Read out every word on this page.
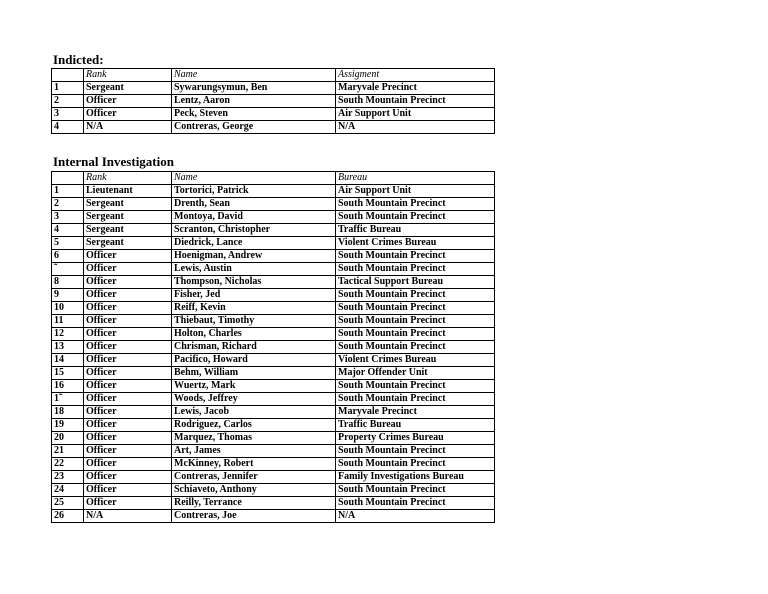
Indicted:
	Rank	Name	Assigment
1	Sergeant	Sywarungsymun, Ben	Maryvale Precinct
2	Officer	Lentz, Aaron	South Mountain Precinct
3	Officer	Peck, Steven	Air Support Unit
4	N/A	Contreras, George	N/A
Internal Investigation
	Rank	Name	Bureau
1	Lieutenant	Tortorici, Patrick	Air Support Unit
2	Sergeant	Drenth, Sean	South Mountain Precinct
3	Sergeant	Montoya, David	South Mountain Precinct
4	Sergeant	Scranton, Christopher	Traffic Bureau
5	Sergeant	Diedrick, Lance	Violent Crimes Bureau
6	Officer	Hoenigman, Andrew	South Mountain Precinct
˜	Officer	Lewis, Austin	South Mountain Precinct
8	Officer	Thompson, Nicholas	Tactical Support Bureau
9	Officer	Fisher, Jed	South Mountain Precinct
10	Officer	Reiff, Kevin	South Mountain Precinct
11	Officer	Thiebaut, Timothy	South Mountain Precinct
12	Officer	Holton, Charles	South Mountain Precinct
13	Officer	Chrisman, Richard	South Mountain Precinct
14	Officer	Pacifico, Howard	Violent Crimes Bureau
15	Officer	Behm, William	Major Offender Unit
16	Officer	Wuertz, Mark	South Mountain Precinct
1˜	Officer	Woods, Jeffrey	South Mountain Precinct
18	Officer	Lewis, Jacob	Maryvale Precinct
19	Officer	Rodriguez, Carlos	Traffic Bureau
20	Officer	Marquez, Thomas	Property Crimes Bureau
21	Officer	Art, James	South Mountain Precinct
22	Officer	McKinney, Robert	South Mountain Precinct
23	Officer	Contreras, Jennifer	Family Investigations Bureau
24	Officer	Schiaveto, Anthony	South Mountain Precinct
25	Officer	Reilly, Terrance	South Mountain Precinct
26	N/A	Contreras, Joe	N/A
